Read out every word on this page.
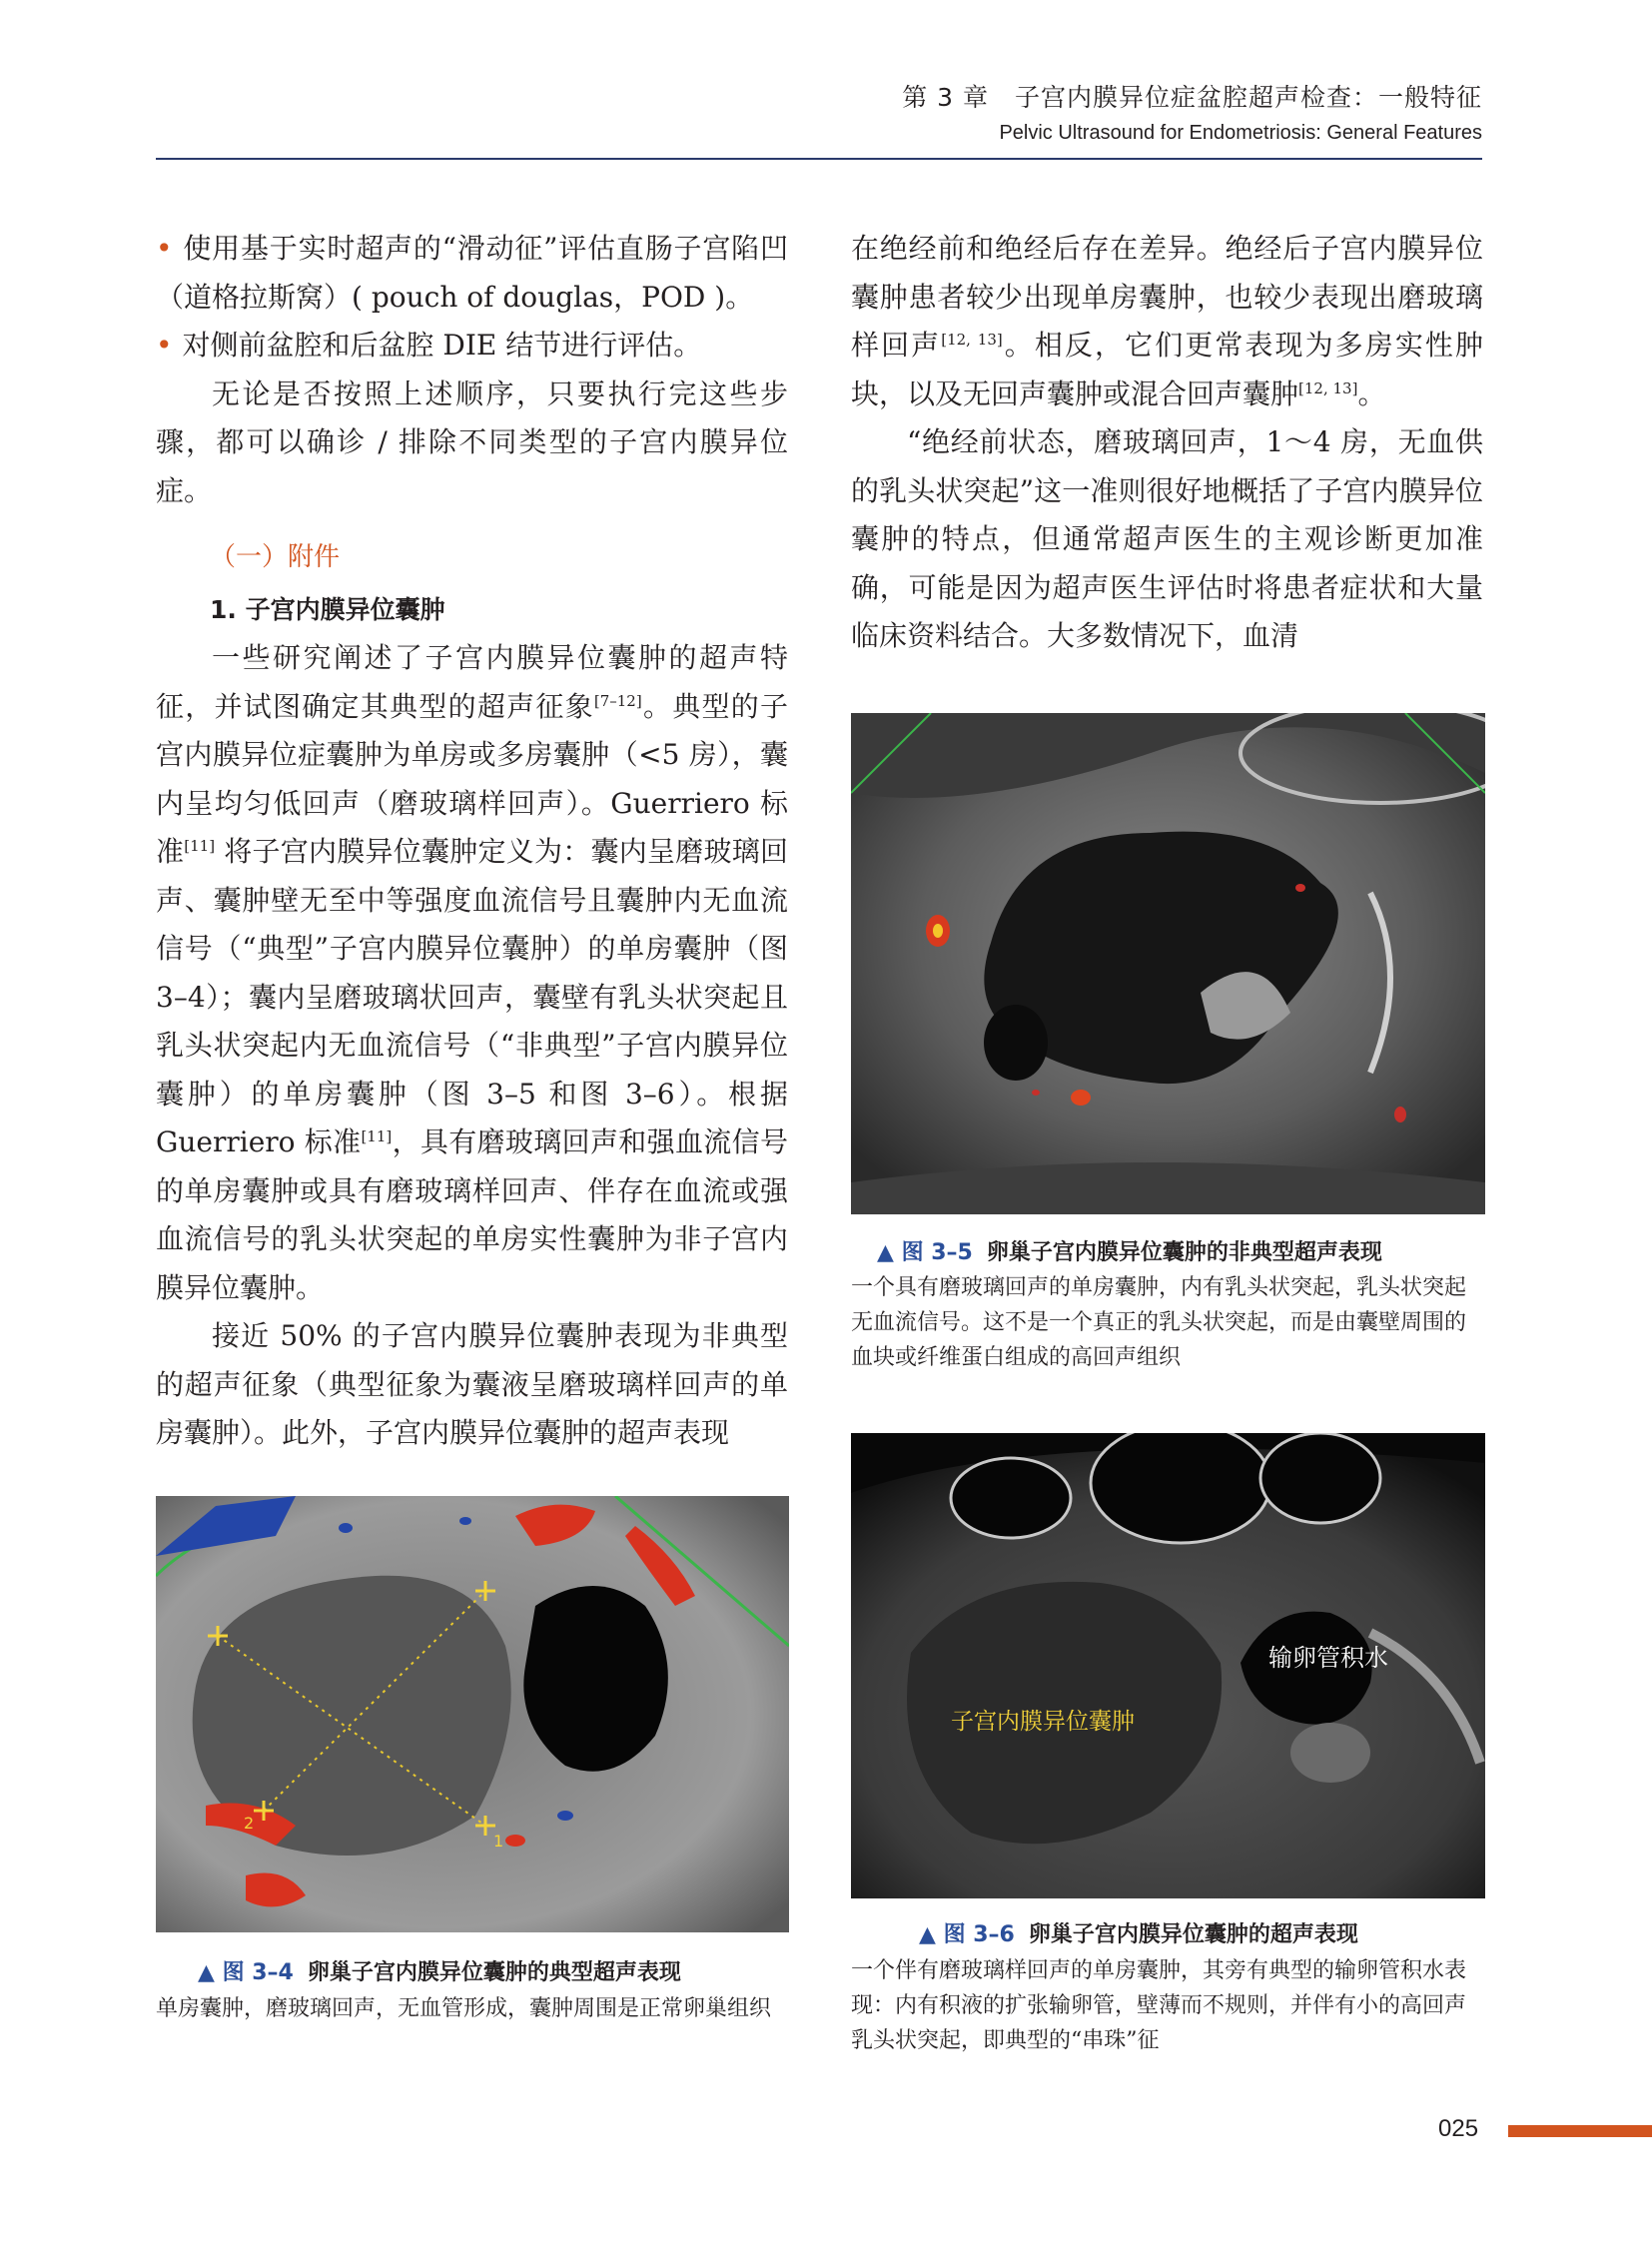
第 3 章　子宫内膜异位症盆腔超声检查：一般特征
Pelvic Ultrasound for Endometriosis: General Features

• 使用基于实时超声的“滑动征”评估直肠子宫陷凹（道格拉斯窝）( pouch of douglas，POD )。

• 对侧前盆腔和后盆腔 DIE 结节进行评估。

无论是否按照上述顺序，只要执行完这些步骤，都可以确诊 / 排除不同类型的子宫内膜异位症。

（一）附件
1. 子宫内膜异位囊肿

一些研究阐述了子宫内膜异位囊肿的超声特征，并试图确定其典型的超声征象[7–12]。典型的子宫内膜异位症囊肿为单房或多房囊肿（<5 房），囊内呈均匀低回声（磨玻璃样回声）。Guerriero 标准[11] 将子宫内膜异位囊肿定义为：囊内呈磨玻璃回声、囊肿壁无至中等强度血流信号且囊肿内无血流信号（“典型”子宫内膜异位囊肿）的单房囊肿（图 3–4）；囊内呈磨玻璃状回声，囊壁有乳头状突起且乳头状突起内无血流信号（“非典型”子宫内膜异位囊肿）的单房囊肿（图 3–5 和图 3–6）。根据 Guerriero 标准[11]，具有磨玻璃回声和强血流信号的单房囊肿或具有磨玻璃样回声、伴存在血流或强血流信号的乳头状突起的单房实性囊肿为非子宫内膜异位囊肿。

接近 50% 的子宫内膜异位囊肿表现为非典型的超声征象（典型征象为囊液呈磨玻璃样回声的单房囊肿）。此外，子宫内膜异位囊肿的超声表现

在绝经前和绝经后存在差异。绝经后子宫内膜异位囊肿患者较少出现单房囊肿，也较少表现出磨玻璃样回声[12, 13]。相反，它们更常表现为多房实性肿块，以及无回声囊肿或混合回声囊肿[12, 13]。

“绝经前状态，磨玻璃回声，1～4 房，无血供的乳头状突起”这一准则很好地概括了子宫内膜异位囊肿的特点，但通常超声医生的主观诊断更加准确，可能是因为超声医生评估时将患者症状和大量临床资料结合。大多数情况下，血清

▲ 图 3–5 卵巢子宫内膜异位囊肿的非典型超声表现
一个具有磨玻璃回声的单房囊肿，内有乳头状突起，乳头状突起无血流信号。这不是一个真正的乳头状突起，而是由囊壁周围的血块或纤维蛋白组成的高回声组织
输卵管积水
子宫内膜异位囊肿
▲ 图 3–6 卵巢子宫内膜异位囊肿的超声表现
一个伴有磨玻璃样回声的单房囊肿，其旁有典型的输卵管积水表现：内有积液的扩张输卵管，壁薄而不规则，并伴有小的高回声乳头状突起，即典型的“串珠”征
2
1
▲ 图 3–4 卵巢子宫内膜异位囊肿的典型超声表现
单房囊肿，磨玻璃回声，无血管形成，囊肿周围是正常卵巢组织
025
